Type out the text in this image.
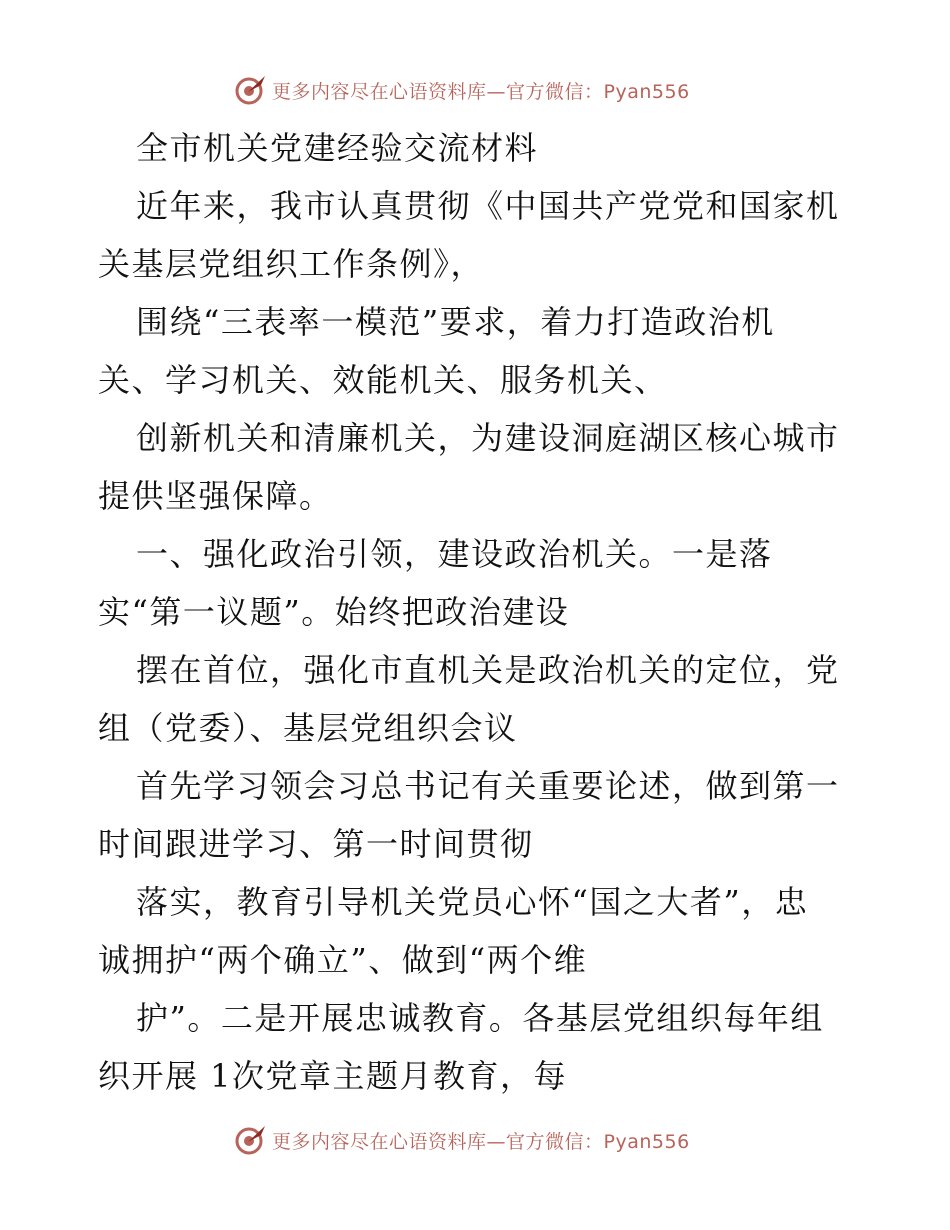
更多内容尽在心语资料库—官方微信：Pyan556
全市机关党建经验交流材料
近年来，我市认真贯彻《中国共产党党和国家机
关基层党组织工作条例》，
围绕“三表率一模范”要求，着力打造政治机
关、学习机关、效能机关、服务机关、
创新机关和清廉机关，为建设洞庭湖区核心城市
提供坚强保障。
一、强化政治引领，建设政治机关。一是落
实“第一议题”。始终把政治建设
摆在首位，强化市直机关是政治机关的定位，党
组（党委）、基层党组织会议
首先学习领会习总书记有关重要论述，做到第一
时间跟进学习、第一时间贯彻
落实，教育引导机关党员心怀“国之大者”，忠
诚拥护“两个确立”、做到“两个维
护”。二是开展忠诚教育。各基层党组织每年组
织开展 1次党章主题月教育，每
更多内容尽在心语资料库—官方微信：Pyan556
